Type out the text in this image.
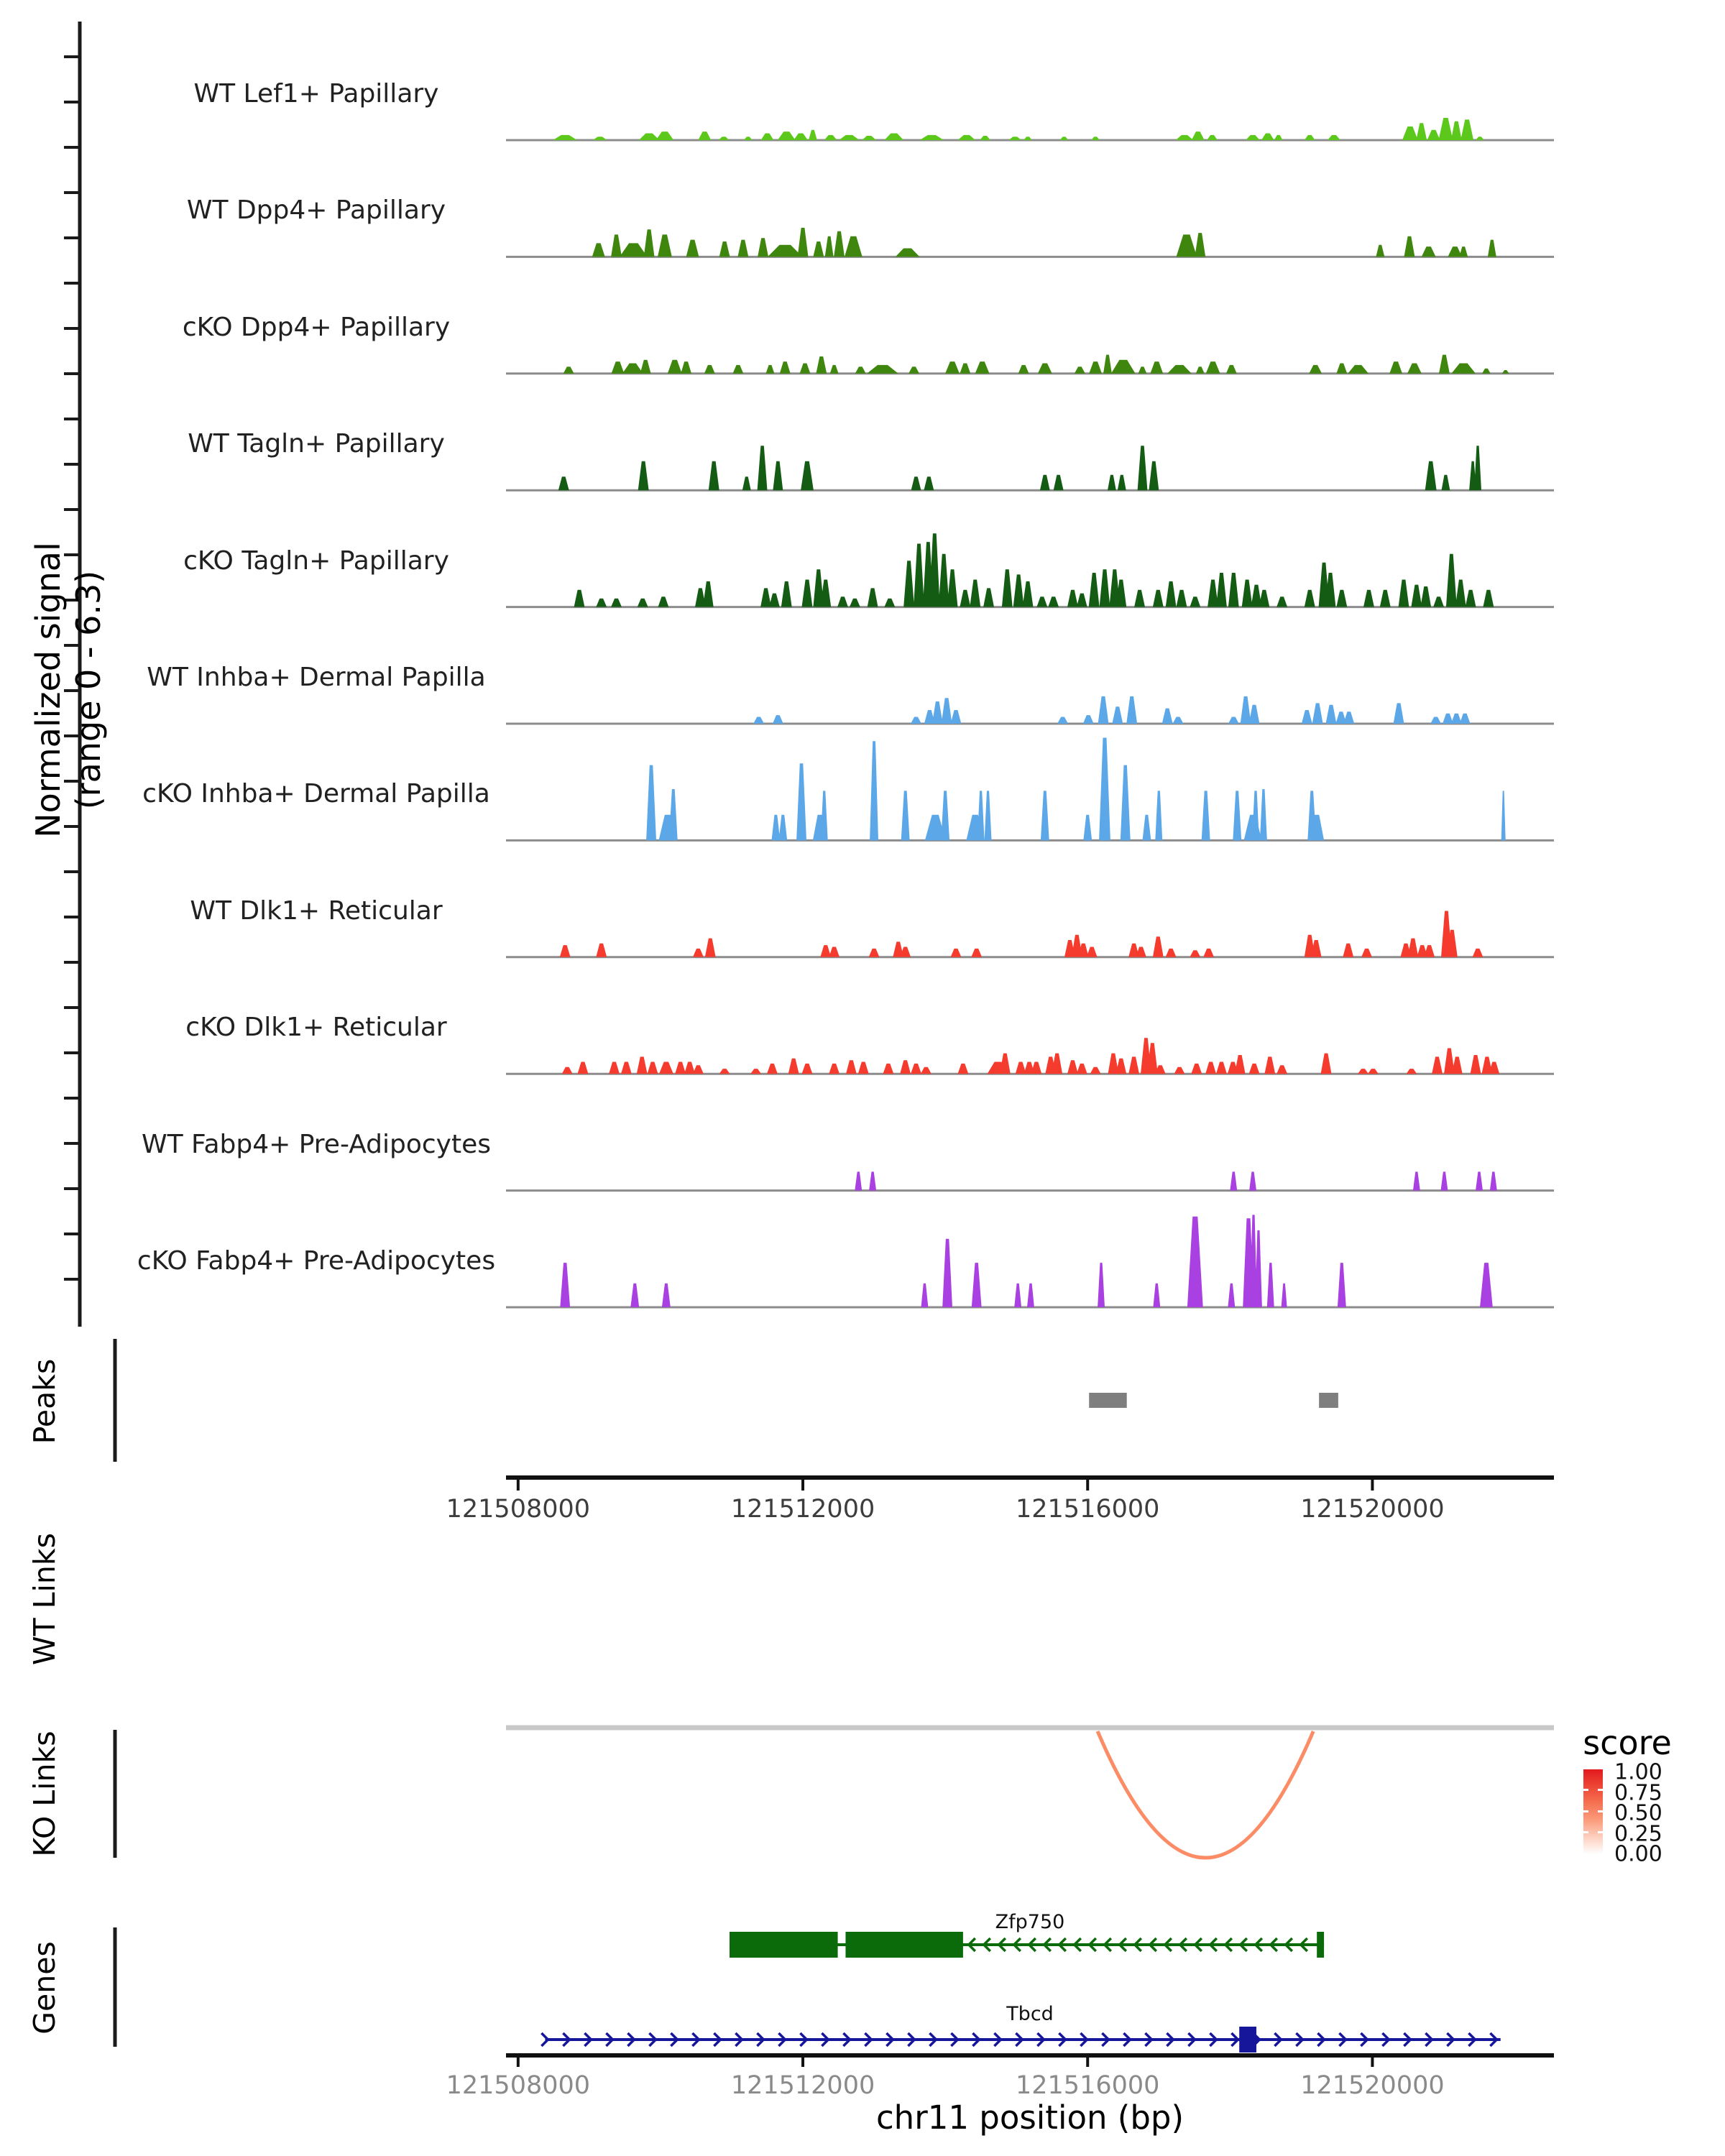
Normalized signal (range 0 - 6.3)
Peaks
WT Links
KO Links
Genes
Zfp750
Tbcd
chr11 position (bp)
score
1.00
0.75
0.50
0.25
0.00
WT Lef1+ Papillary
WT Dpp4+ Papillary
cKO Dpp4+ Papillary
WT Tagln+ Papillary
cKO Tagln+ Papillary
WT Inhba+ Dermal Papilla
cKO Inhba+ Dermal Papilla
WT Dlk1+ Reticular
cKO Dlk1+ Reticular
WT Fabp4+ Pre-Adipocytes
cKO Fabp4+ Pre-Adipocytes
121508000	121512000	121516000	121520000
121508000	121512000	121516000	121520000
